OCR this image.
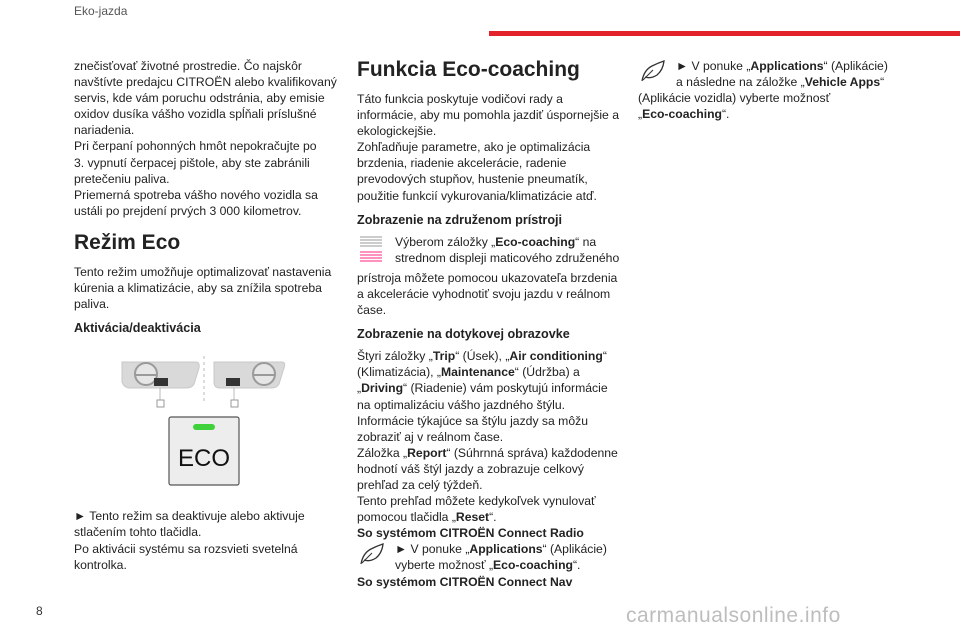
Eko-jazda

znečisťovať životné prostredie. Čo najskôr
navštívte predajcu CITROËN alebo kvalifikovaný
servis, kde vám poruchu odstránia, aby emisie
oxidov dusíka vášho vozidla spĺňali príslušné
nariadenia.
Pri čerpaní pohonných hmôt nepokračujte po
3. vypnutí čerpacej pištole, aby ste zabránili
pretečeniu paliva.
Priemerná spotreba vášho nového vozidla sa
ustáli po prejdení prvých 3 000 kilometrov.

Režim Eco

Tento režim umožňuje optimalizovať nastavenia
kúrenia a klimatizácie, aby sa znížila spotreba
paliva.

Aktivácia/deaktivácia
ECO

► Tento režim sa deaktivuje alebo aktivuje
stlačením tohto tlačidla.
Po aktivácii systému sa rozsvieti svetelná
kontrolka.

Funkcia Eco-coaching

Táto funkcia poskytuje vodičovi rady a
informácie, aby mu pomohla jazdiť úspornejšie a
ekologickejšie.
Zohľadňuje parametre, ako je optimalizácia
brzdenia, riadenie akcelerácie, radenie
prevodových stupňov, hustenie pneumatík,
použitie funkcií vykurovania/klimatizácie atď.

Zobrazenie na združenom prístroji
Výberom záložky „Eco-coaching“ na
strednom displeji maticového združeného

prístroja môžete pomocou ukazovateľa brzdenia
a akcelerácie vyhodnotiť svoju jazdu v reálnom
čase.

Zobrazenie na dotykovej obrazovke

Štyri záložky „Trip“ (Úsek), „Air conditioning“
(Klimatizácia), „Maintenance“ (Údržba) a
„Driving“ (Riadenie) vám poskytujú informácie
na optimalizáciu vášho jazdného štýlu.
Informácie týkajúce sa štýlu jazdy sa môžu
zobraziť aj v reálnom čase.
Záložka „Report“ (Súhrnná správa) každodenne
hodnotí váš štýl jazdy a zobrazuje celkový
prehľad za celý týždeň.
Tento prehľad môžete kedykoľvek vynulovať
pomocou tlačidla „Reset“.

So systémom CITROËN Connect Radio
► V ponuke „Applications“ (Aplikácie)
vyberte možnosť „Eco-coaching“.
So systémom CITROËN Connect Nav
► V ponuke „Applications“ (Aplikácie)
a následne na záložke „Vehicle Apps“

(Aplikácie vozidla) vyberte možnosť
„Eco-coaching“.

8	carmanualsonline.info
